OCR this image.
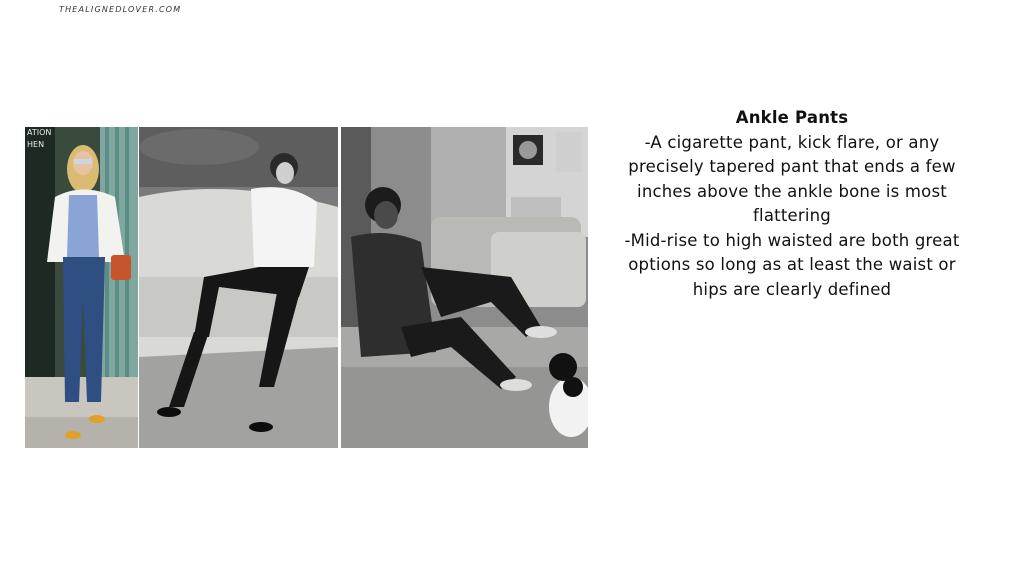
THEALIGNEDLOVER.COM
ATION
HEN
Ankle Pants
-A cigarette pant, kick flare, or any
precisely tapered pant that ends a few
inches above the ankle bone is most
flattering
-Mid-rise to high waisted are both great
options so long as at least the waist or
hips are clearly defined
